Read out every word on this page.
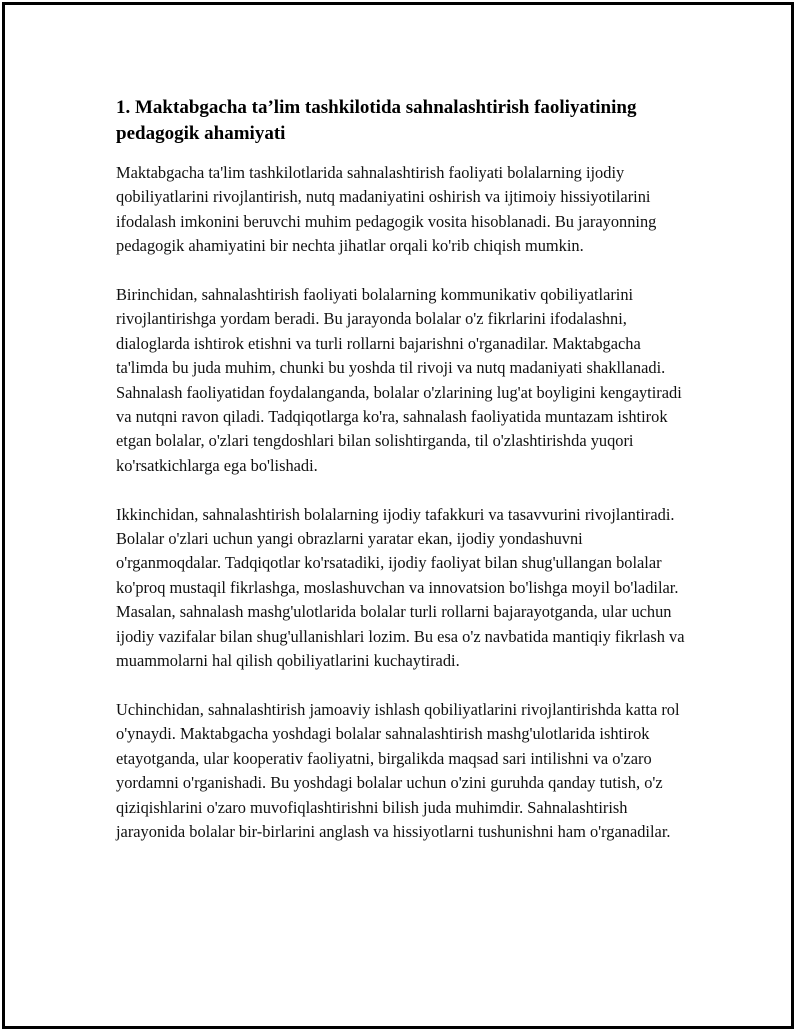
1. Maktabgacha ta’lim tashkilotida sahnalashtirish faoliyatining pedagogik ahamiyati

Maktabgacha ta'lim tashkilotlarida sahnalashtirish faoliyati bolalarning ijodiy qobiliyatlarini rivojlantirish, nutq madaniyatini oshirish va ijtimoiy hissiyotilarini ifodalash imkonini beruvchi muhim pedagogik vosita hisoblanadi. Bu jarayonning pedagogik ahamiyatini bir nechta jihatlar orqali ko'rib chiqish mumkin.

Birinchidan, sahnalashtirish faoliyati bolalarning kommunikativ qobiliyatlarini rivojlantirishga yordam beradi. Bu jarayonda bolalar o'z fikrlarini ifodalashni, dialoglarda ishtirok etishni va turli rollarni bajarishni o'rganadilar. Maktabgacha ta'limda bu juda muhim, chunki bu yoshda til rivoji va nutq madaniyati shakllanadi. Sahnalash faoliyatidan foydalanganda, bolalar o'zlarining lug'at boyligini kengaytiradi va nutqni ravon qiladi. Tadqiqotlarga ko'ra, sahnalash faoliyatida muntazam ishtirok etgan bolalar, o'zlari tengdoshlari bilan solishtirganda, til o'zlashtirishda yuqori ko'rsatkichlarga ega bo'lishadi.

Ikkinchidan, sahnalashtirish bolalarning ijodiy tafakkuri va tasavvurini rivojlantiradi. Bolalar o'zlari uchun yangi obrazlarni yaratar ekan, ijodiy yondashuvni o'rganmoqdalar. Tadqiqotlar ko'rsatadiki, ijodiy faoliyat bilan shug'ullangan bolalar ko'proq mustaqil fikrlashga, moslashuvchan va innovatsion bo'lishga moyil bo'ladilar. Masalan, sahnalash mashg'ulotlarida bolalar turli rollarni bajarayotganda, ular uchun ijodiy vazifalar bilan shug'ullanishlari lozim. Bu esa o'z navbatida mantiqiy fikrlash va muammolarni hal qilish qobiliyatlarini kuchaytiradi.

Uchinchidan, sahnalashtirish jamoaviy ishlash qobiliyatlarini rivojlantirishda katta rol o'ynaydi. Maktabgacha yoshdagi bolalar sahnalashtirish mashg'ulotlarida ishtirok etayotganda, ular kooperativ faoliyatni, birgalikda maqsad sari intilishni va o'zaro yordamni o'rganishadi. Bu yoshdagi bolalar uchun o'zini guruhda qanday tutish, o'z qiziqishlarini o'zaro muvofiqlashtirishni bilish juda muhimdir. Sahnalashtirish jarayonida bolalar bir-birlarini anglash va hissiyotlarni tushunishni ham o'rganadilar.
